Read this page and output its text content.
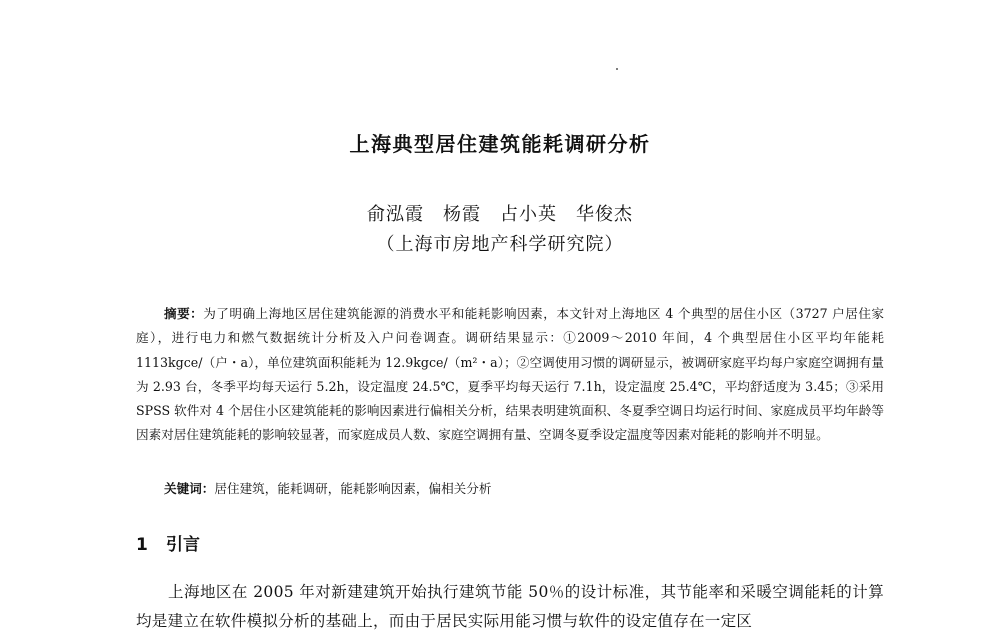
上海典型居住建筑能耗调研分析
俞泓霞　杨霞　占小英　华俊杰
（上海市房地产科学研究院）
摘要：为了明确上海地区居住建筑能源的消费水平和能耗影响因素，本文针对上海地区 4 个典型的居住小区（3727 户居住家庭），进行电力和燃气数据统计分析及入户问卷调查。调研结果显示：①2009～2010 年间，4 个典型居住小区平均年能耗 1113kgce/（户・a），单位建筑面积能耗为 12.9kgce/（m²・a）；②空调使用习惯的调研显示，被调研家庭平均每户家庭空调拥有量为 2.93 台，冬季平均每天运行 5.2h，设定温度 24.5℃，夏季平均每天运行 7.1h，设定温度 25.4℃，平均舒适度为 3.45；③采用 SPSS 软件对 4 个居住小区建筑能耗的影响因素进行偏相关分析，结果表明建筑面积、冬夏季空调日均运行时间、家庭成员平均年龄等因素对居住建筑能耗的影响较显著，而家庭成员人数、家庭空调拥有量、空调冬夏季设定温度等因素对能耗的影响并不明显。
关键词：居住建筑，能耗调研，能耗影响因素，偏相关分析
1 引言
上海地区在 2005 年对新建建筑开始执行建筑节能 50％的设计标准，其节能率和采暖空调能耗的计算均是建立在软件模拟分析的基础上，而由于居民实际用能习惯与软件的设定值存在一定区
